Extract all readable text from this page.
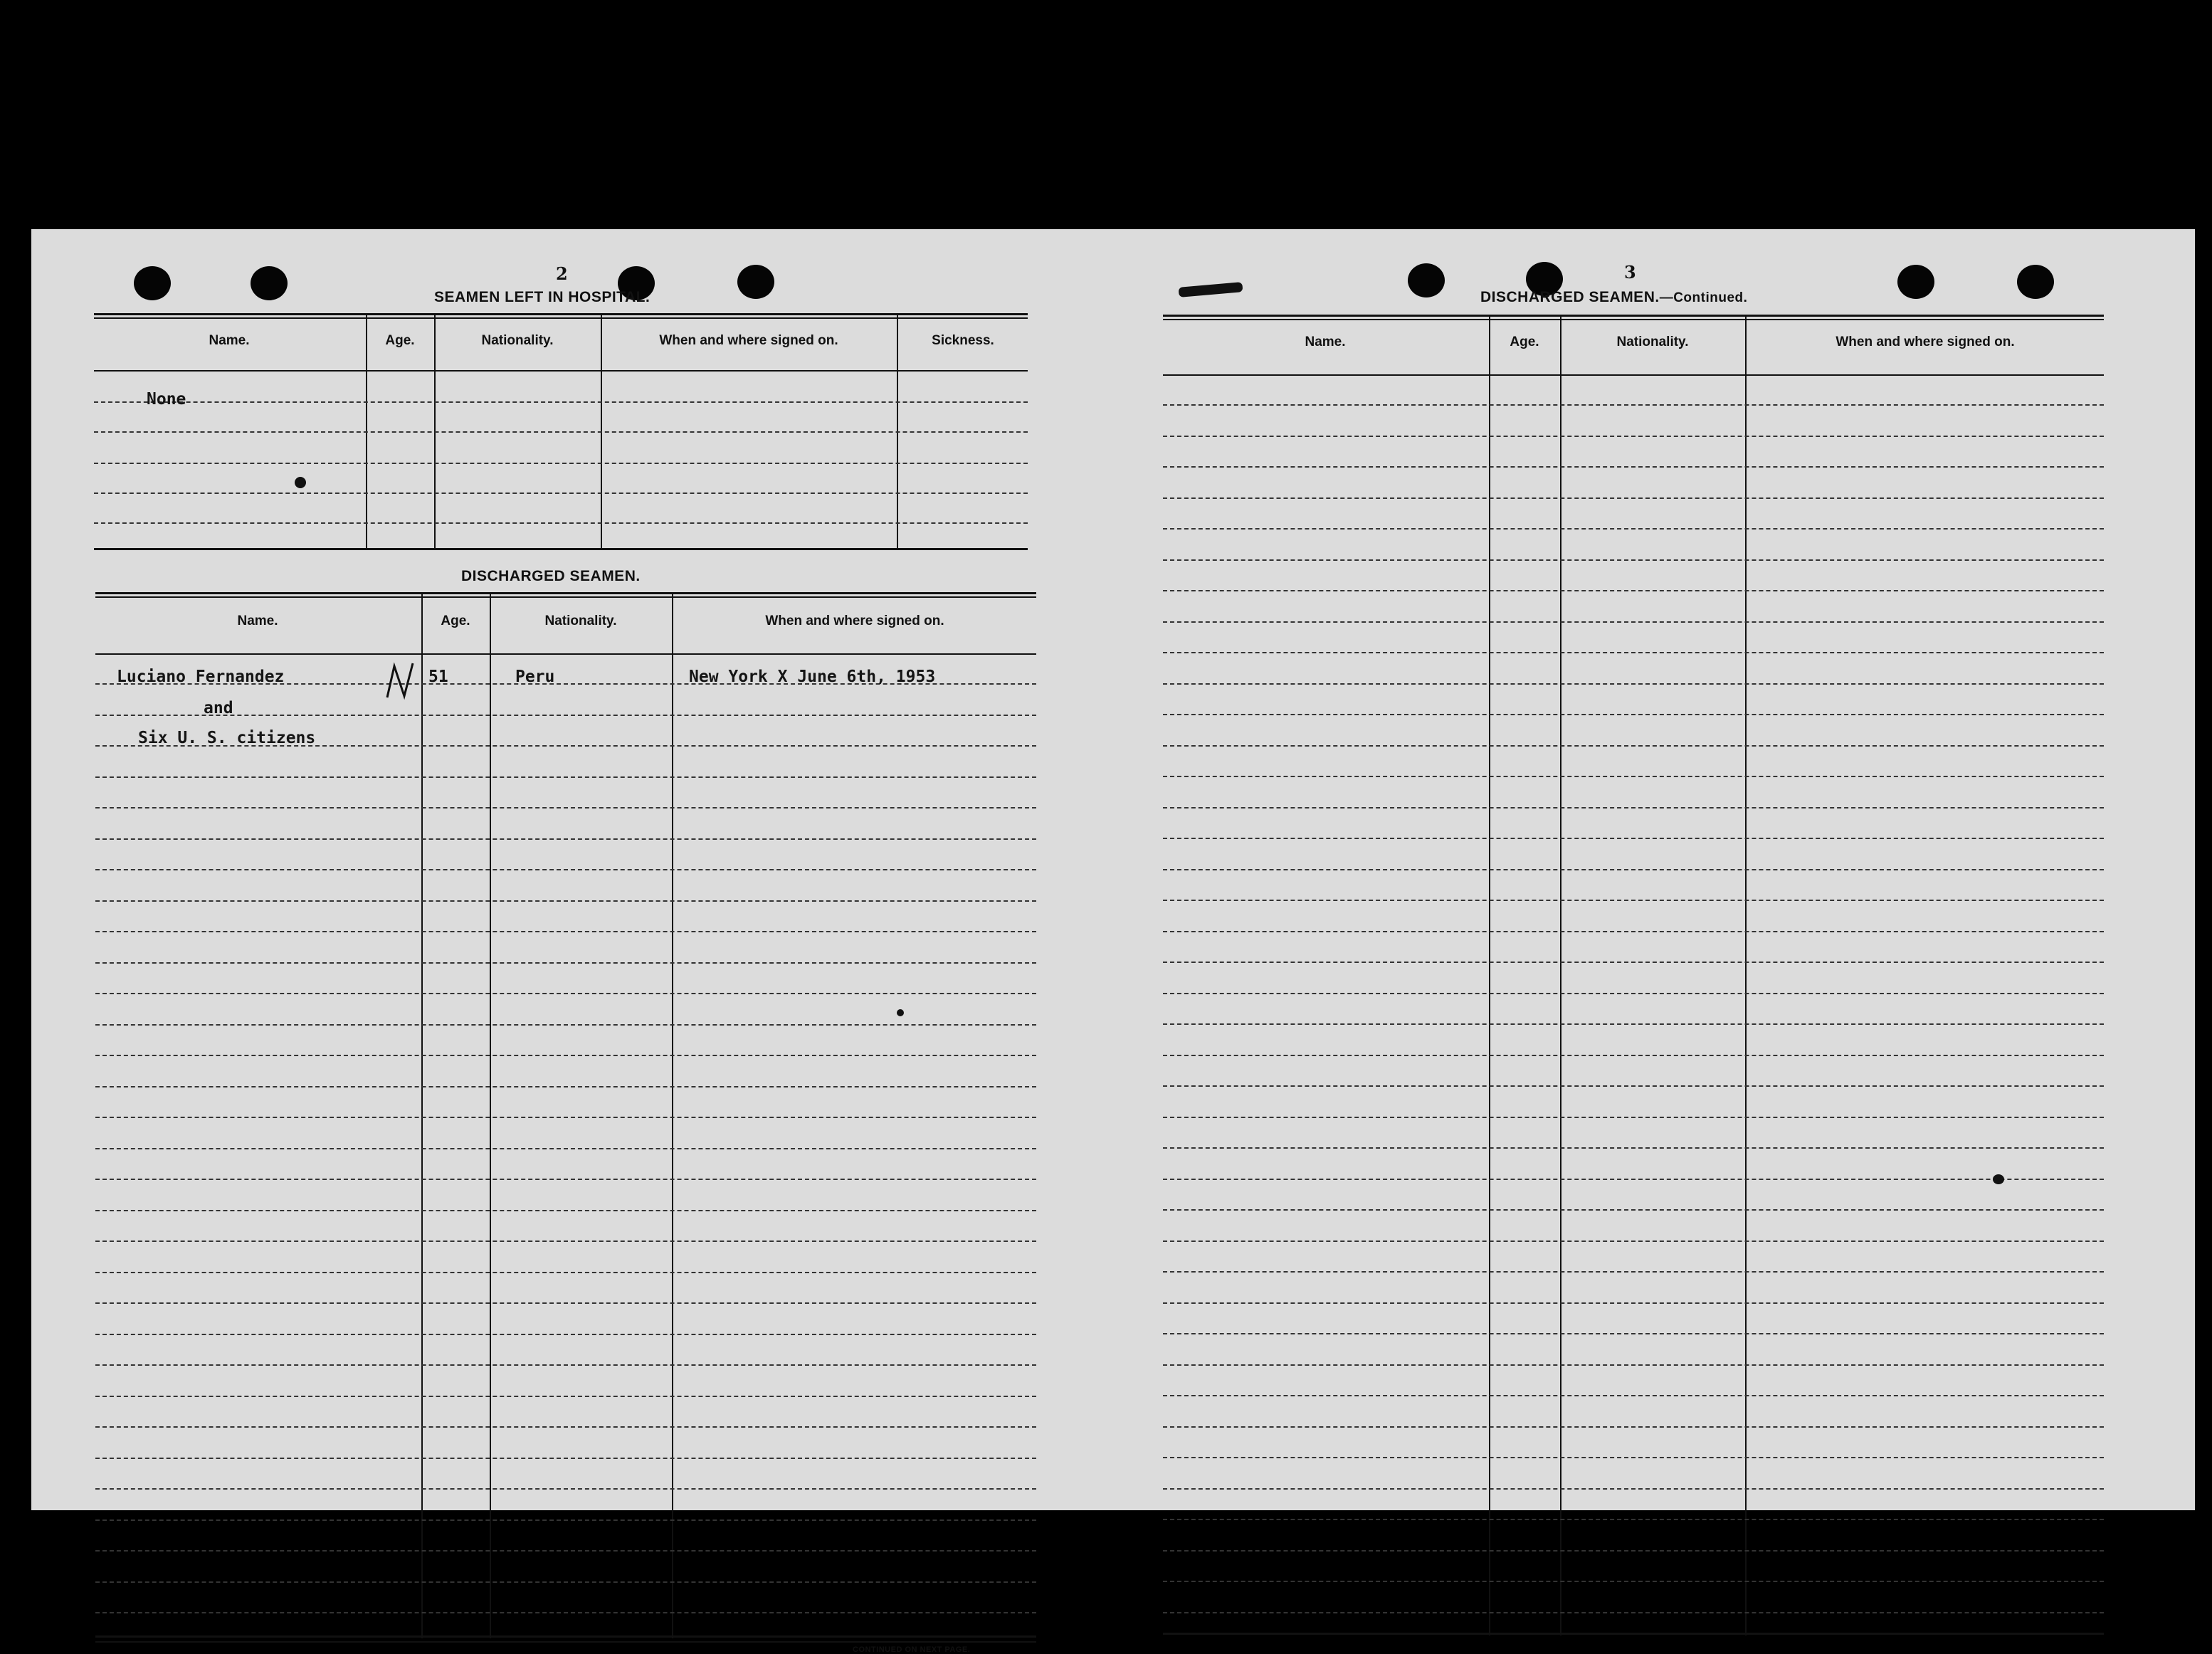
2
SEAMEN LEFT IN HOSPITAL.
Name.	Age.	Nationality.	When and where signed on.	Sickness.
None
DISCHARGED SEAMEN.
Name.	Age.	Nationality.	When and where signed on.
Luciano Fernandez	51	Peru	New York X June 6th, 1953
and
Six U. S. citizens
CONTINUED ON NEXT PAGE.
3
DISCHARGED SEAMEN.—Continued.
Name.	Age.	Nationality.	When and where signed on.
